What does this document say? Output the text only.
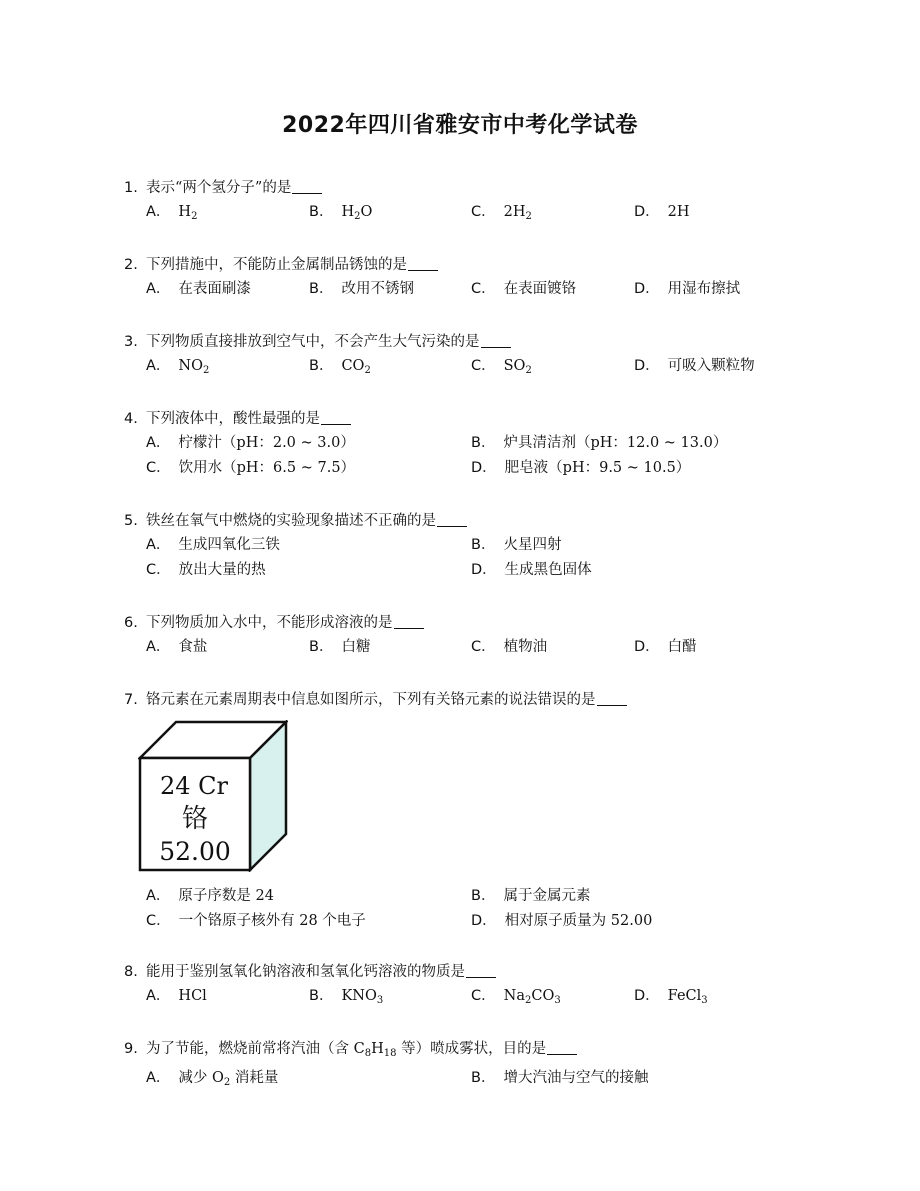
2022年四川省雅安市中考化学试卷
1. 表示“两个氢分子”的是
A． $H_2$	B． $H_2O$	C． $2H_2$	D． 2H
2. 下列措施中，不能防止金属制品锈蚀的是
A． 在表面刷漆	B． 改用不锈钢	C． 在表面镀铬	D． 用湿布擦拭
3. 下列物质直接排放到空气中，不会产生大气污染的是
A． $NO_2$	B． $CO_2$	C． $SO_2$	D． 可吸入颗粒物
4. 下列液体中，酸性最强的是
A． 柠檬汁（pH：2.0 ~ 3.0）	B． 炉具清洁剂（pH：12.0 ~ 13.0）
C． 饮用水（pH：6.5 ~ 7.5）	D． 肥皂液（pH：9.5 ~ 10.5）
5. 铁丝在氧气中燃烧的实验现象描述不正确的是
A． 生成四氧化三铁	B． 火星四射
C． 放出大量的热	D． 生成黑色固体
6. 下列物质加入水中，不能形成溶液的是
A． 食盐	B． 白糖	C． 植物油	D． 白醋
7. 铬元素在元素周期表中信息如图所示，下列有关铬元素的说法错误的是
24 Cr
铬
52.00
A． 原子序数是 24	B． 属于金属元素
C． 一个铬原子核外有 28 个电子	D． 相对原子质量为 52.00
8. 能用于鉴别氢氧化钠溶液和氢氧化钙溶液的物质是
A． HCl	B． $KNO_3$	C． $Na_2CO_3$	D． FeCl$_3$
9. 为了节能，燃烧前常将汽油（含 $C_8H_{18}$ 等）喷成雾状，目的是
A． 减少 $O_2$ 消耗量	B． 增大汽油与空气的接触
